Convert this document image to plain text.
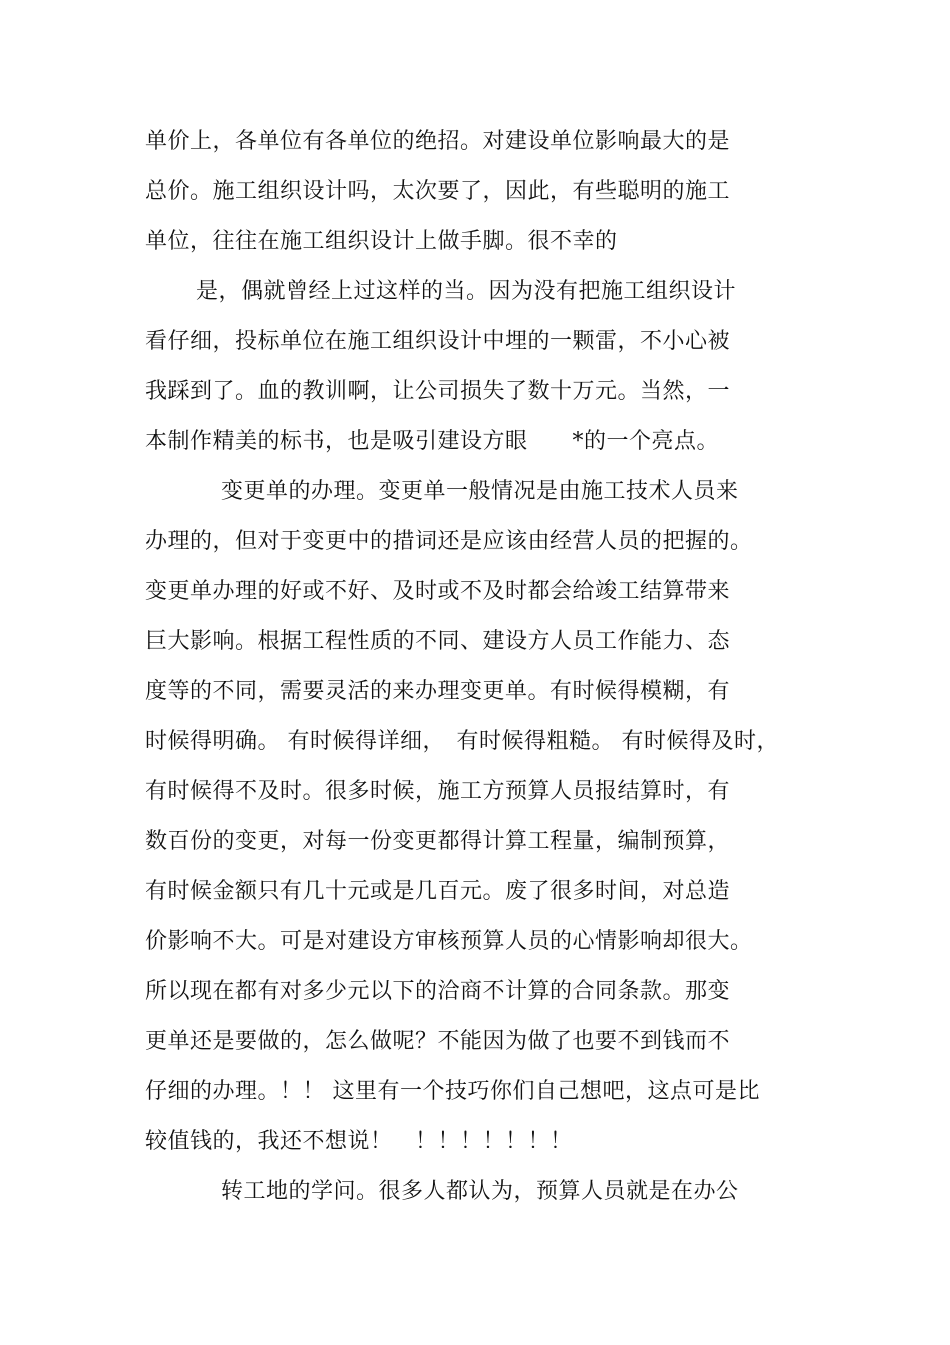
单价上，各单位有各单位的绝招。对建设单位影响最大的是
总价。施工组织设计吗，太次要了，因此，有些聪明的施工
单位，往往在施工组织设计上做手脚。很不幸的
是，偶就曾经上过这样的当。因为没有把施工组织设计
看仔细，投标单位在施工组织设计中埋的一颗雷，不小心被
我踩到了。血的教训啊，让公司损失了数十万元。当然，一
本制作精美的标书，也是吸引建设方眼　　*的一个亮点。
变更单的办理。变更单一般情况是由施工技术人员来
办理的，但对于变更中的措词还是应该由经营人员的把握的。
变更单办理的好或不好、及时或不及时都会给竣工结算带来
巨大影响。根据工程性质的不同、建设方人员工作能力、态
度等的不同，需要灵活的来办理变更单。有时候得模糊，有
时候得明确。 有时候得详细，　有时候得粗糙。 有时候得及时，
有时候得不及时。很多时候，施工方预算人员报结算时，有
数百份的变更，对每一份变更都得计算工程量，编制预算，
有时候金额只有几十元或是几百元。废了很多时间，对总造
价影响不大。可是对建设方审核预算人员的心情影响却很大。
所以现在都有对多少元以下的洽商不计算的合同条款。那变
更单还是要做的，怎么做呢？不能因为做了也要不到钱而不
仔细的办理。！！ 这里有一个技巧你们自己想吧，这点可是比
较值钱的，我还不想说！　！！！！！！！
转工地的学问。很多人都认为，预算人员就是在办公
